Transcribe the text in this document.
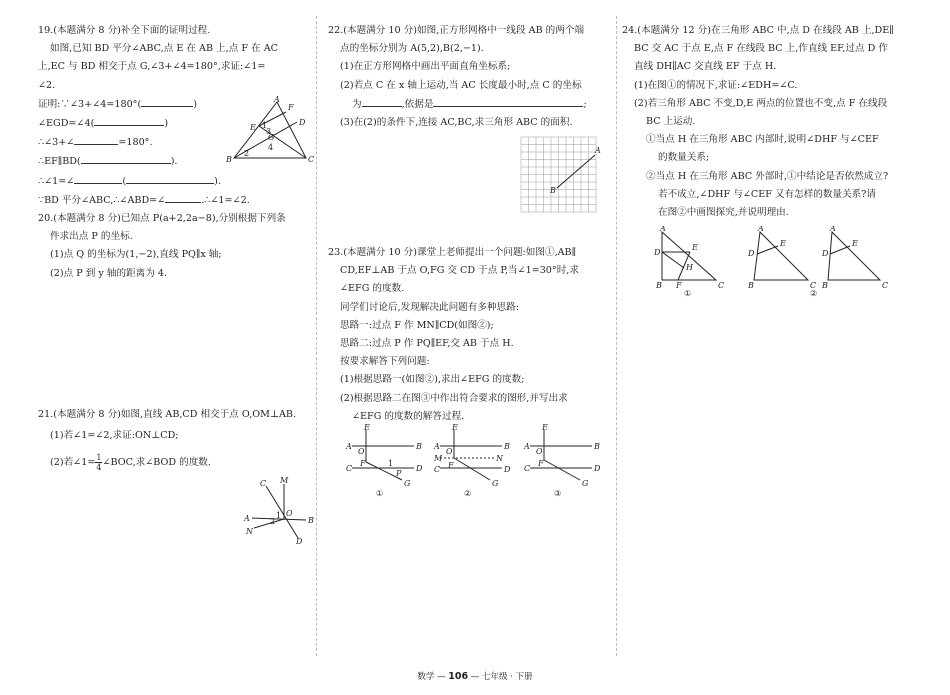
19.(本题满分 8 分)补全下面的证明过程.

如图,已知 BD 平分∠ABC,点 E 在 AB 上,点 F 在 AC

上,EC 与 BD 相交于点 G,∠3+∠4=180°,求证:∠1=

∠2.

证明:∵∠3+∠4=180°(	)

∠EGD=∠4(	)

∴∠3+∠	=180°.

∴EF∥BD(	).

∴∠1=∠	(	).

∵BD 平分∠ABC,∴∠ABD=∠	.∴∠1=∠2.

20.(本题满分 8 分)已知点 P(a+2,2a−8),分别根据下列条

件求出点 P 的坐标.

(1)点 Q 的坐标为(1,−2),直线 PQ∥x 轴;

(2)点 P 到 y 轴的距离为 4.

21.(本题满分 8 分)如图,直线 AB,CD 相交于点 O,OM⊥AB.

(1)若∠1=∠2,求证:ON⊥CD;

(2)若∠1= $\frac{1}{4}$ ∠BOC,求∠BOD 的度数.

A
B	C
D
E
F
G
1
2
3
4
A	B
C
D
M
N
O
1
2

22.(本题满分 10 分)如图,正方形网格中一线段 AB 的两个端

点的坐标分别为 A(5,2),B(2,−1).

(1)在正方形网格中画出平面直角坐标系;

(2)若点 C 在 x 轴上运动,当 AC 长度最小时,点 C 的坐标

为	,依据是	;

(3)在(2)的条件下,连接 AC,BC,求三角形 ABC 的面积.

A
B

23.(本题满分 10 分)课堂上老师提出一个问题:如图①,AB∥

CD,EF⊥AB 于点 O,FG 交 CD 于点 P,当∠1=30°时,求

∠EFG 的度数.

同学们讨论后,发现解决此问题有多种思路:

思路一:过点 F 作 MN∥CD(如图②);

思路二:过点 P 作 PQ∥EF,交 AB 于点 H.

按要求解答下列问题:

(1)根据思路一(如图②),求出∠EFG 的度数;

(2)根据思路二在图③中作出符合要求的图形,并写出求

∠EFG 的度数的解答过程.

A	B
C	D
E
F
G
O
P
1
①
A	B
M	N
C	D
E
F
G
O
②
A	B
C	D
E
F
G
O
③

24.(本题满分 12 分)在三角形 ABC 中,点 D 在线段 AB 上,DE∥

BC 交 AC 于点 E,点 F 在线段 BC 上,作直线 EF,过点 D 作

直线 DH∥AC 交直线 EF 于点 H.

(1)在图①的情况下,求证:∠EDH=∠C.

(2)若三角形 ABC 不变,D,E 两点的位置也不变,点 F 在线段

BC 上运动.

①当点 H 在三角形 ABC 内部时,说明∠DHF 与∠CEF

的数量关系;

②当点 H 在三角形 ABC 外部时,①中结论是否依然成立?

若不成立,∠DHF 与∠CEF 又有怎样的数量关系?请

在图②中画图探究,并说明理由.

A
B	C
D
E
F
H
①
A
B	C
D
E
②
A
B	C
D
E
数学 — 106 — 七年级 · 下册
